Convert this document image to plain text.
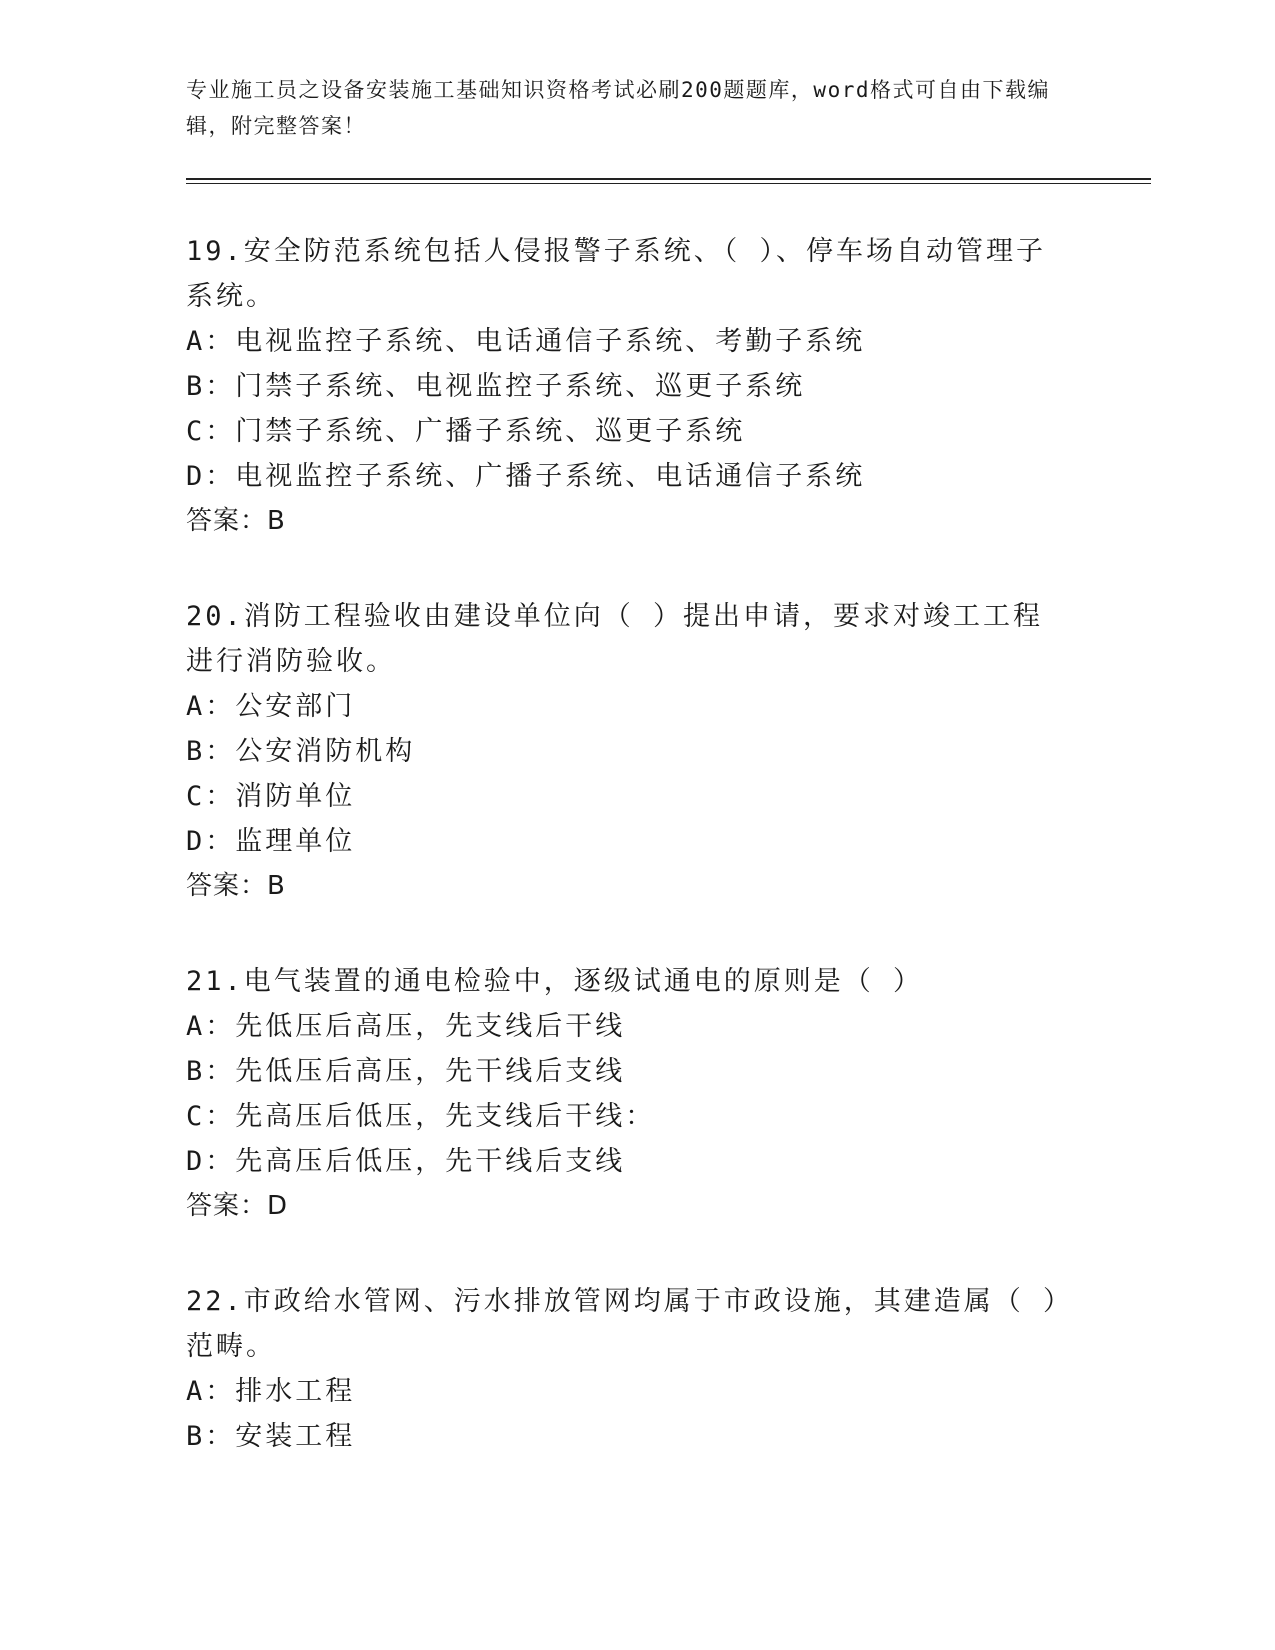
专业施工员之设备安装施工基础知识资格考试必刷200题题库，word格式可自由下载编辑，附完整答案！

19.安全防范系统包括人侵报警子系统、（ ）、停车场自动管理子系统。

A：电视监控子系统、电话通信子系统、考勤子系统

B：门禁子系统、电视监控子系统、巡更子系统

C：门禁子系统、广播子系统、巡更子系统

D：电视监控子系统、广播子系统、电话通信子系统

答案：B

20.消防工程验收由建设单位向（ ）提出申请，要求对竣工工程进行消防验收。

A：公安部门

B：公安消防机构

C：消防单位

D：监理单位

答案：B

21.电气装置的通电检验中，逐级试通电的原则是（ ）

A：先低压后高压，先支线后干线

B：先低压后高压，先干线后支线

C：先高压后低压，先支线后干线：

D：先高压后低压，先干线后支线

答案：D

22.市政给水管网、污水排放管网均属于市政设施，其建造属（ ）范畴。

A：排水工程

B：安装工程
